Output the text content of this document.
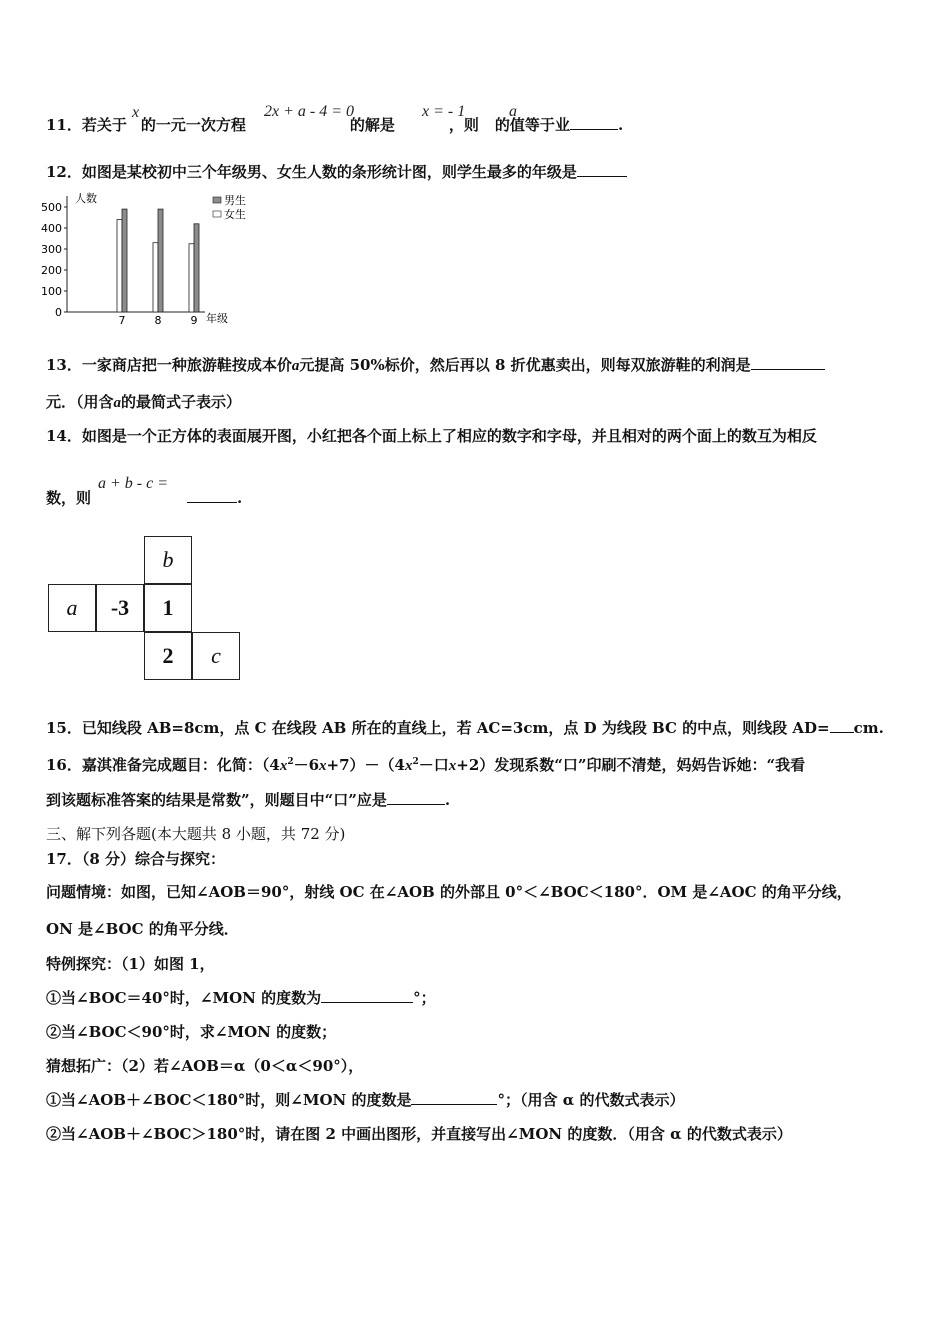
11．若关于 的一元一次方程	的解是	，则 的值等于业	.
x	2x + a - 4 = 0	x = - 1	a
12．如图是某校初中三个年级男、女生人数的条形统计图，则学生最多的年级是
人数
年级
0
100
200
300
400
500
7	8	9
男生
女生
13．一家商店把一种旅游鞋按成本价a元提高 50%标价，然后再以 8 折优惠卖出，则每双旅游鞋的利润是
元．（用含a的最简式子表示）
14．如图是一个正方体的表面展开图，小红把各个面上标上了相应的数字和字母，并且相对的两个面上的数互为相反
数，则	.
a + b - c =
b
a	-3	1
2	c
15．已知线段 AB=8cm，点 C 在线段 AB 所在的直线上，若 AC=3cm，点 D 为线段 BC 的中点，则线段 AD= cm.
16．嘉淇准备完成题目：化简：$(4x^2-6x+7)-(4x^2-$口x+2）发现系数“口”印刷不清楚，妈妈告诉她：“我看
到该题标准答案的结果是常数”，则题目中“口”应是	.
三、解下列各题(本大题共 8 小题，共 72 分)
17．（8 分）综合与探究：
问题情境：如图，已知∠AOB＝90°，射线 OC 在∠AOB 的外部且 0°＜∠BOC＜180°．OM 是∠AOC 的角平分线，
ON 是∠BOC 的角平分线．
特例探究：（1）如图 1，
①当∠BOC＝40°时，∠MON 的度数为	°；
②当∠BOC＜90°时，求∠MON 的度数；
猜想拓广：（2）若∠AOB＝α（0＜α＜90°），
①当∠AOB＋∠BOC＜180°时，则∠MON 的度数是	°；（用含 α 的代数式表示）
②当∠AOB＋∠BOC＞180°时，请在图 2 中画出图形，并直接写出∠MON 的度数．（用含 α 的代数式表示）
